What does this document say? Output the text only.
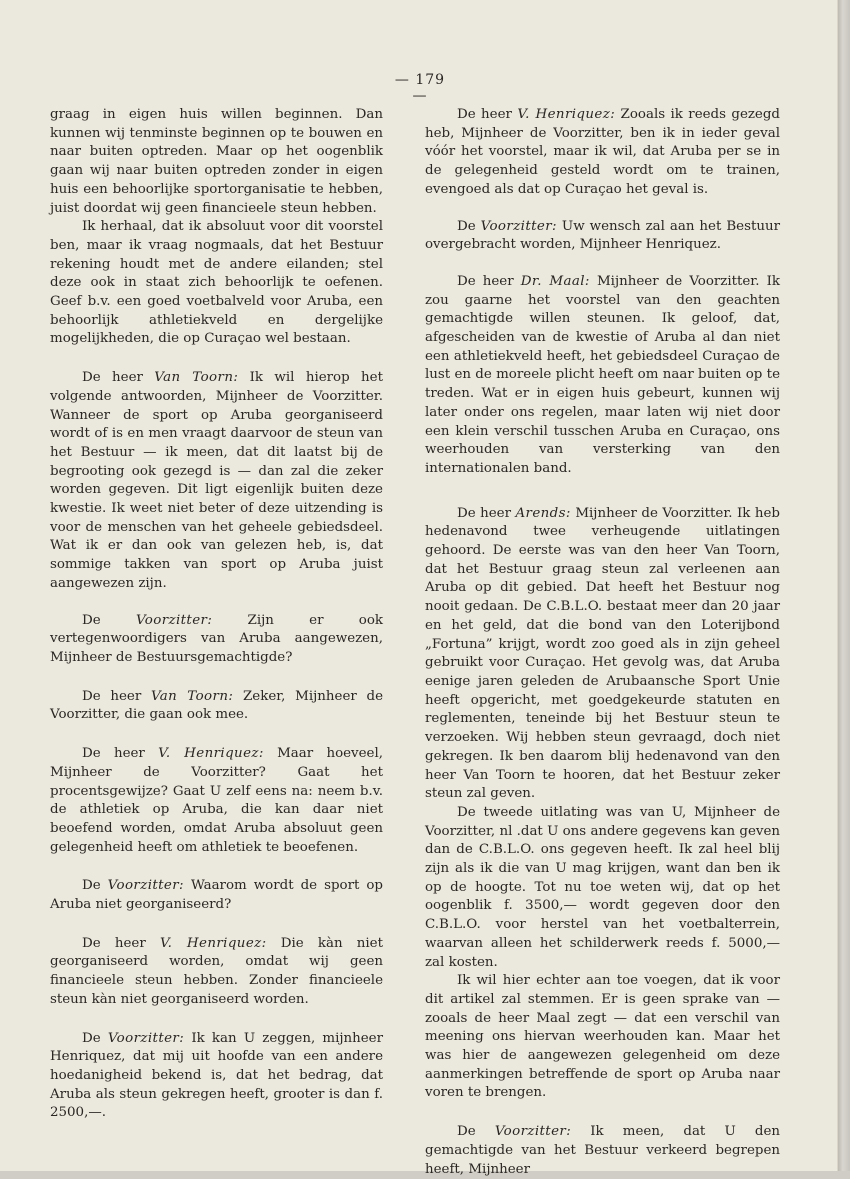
— 179 —

graag in eigen huis willen beginnen. Dan kunnen wij tenminste beginnen op te bouwen en naar buiten optreden. Maar op het oogenblik gaan wij naar buiten optreden zonder in eigen huis een behoorlijke sportorganisatie te hebben, juist doordat wij geen financieele steun hebben.

Ik herhaal, dat ik absoluut voor dit voorstel ben, maar ik vraag nogmaals, dat het Bestuur rekening houdt met de andere eilanden; stel deze ook in staat zich behoorlijk te oefenen. Geef b.v. een goed voetbalveld voor Aruba, een behoorlijk athletiekveld en dergelijke mogelijkheden, die op Curaçao wel bestaan.

De heer Van Toorn: Ik wil hierop het volgende antwoorden, Mijnheer de Voorzitter. Wanneer de sport op Aruba georganiseerd wordt of is en men vraagt daarvoor de steun van het Bestuur — ik meen, dat dit laatst bij de begrooting ook gezegd is — dan zal die zeker worden gegeven. Dit ligt eigenlijk buiten deze kwestie. Ik weet niet beter of deze uitzending is voor de menschen van het geheele gebiedsdeel. Wat ik er dan ook van gelezen heb, is, dat sommige takken van sport op Aruba juist aangewezen zijn.

De Voorzitter:	Zijn er ook vertegenwoordigers van Aruba aangewezen, Mijnheer de Bestuursgemachtigde?

De heer Van Toorn: Zeker, Mijnheer de Voorzitter, die gaan ook mee.

De heer V. Henriquez: Maar hoeveel, Mijnheer de Voorzitter? Gaat het procentsgewijze? Gaat U zelf eens na: neem b.v. de athletiek op Aruba, die kan daar niet beoefend worden, omdat Aruba absoluut geen gelegenheid heeft om athletiek te beoefenen.

De Voorzitter: Waarom wordt de sport op Aruba niet georganiseerd?

De heer V. Henriquez: Die kàn niet georganiseerd worden, omdat wij geen financieele steun hebben. Zonder financieele steun kàn niet georganiseerd worden.

De Voorzitter: Ik kan U zeggen, mijnheer Henriquez, dat mij uit hoofde van een andere hoedanigheid bekend is, dat het bedrag, dat Aruba als steun gekregen heeft, grooter is dan f. 2500,—.

De heer V. Henriquez: Zooals ik reeds gezegd heb, Mijnheer de Voorzitter, ben ik in ieder geval vóór het voorstel, maar ik wil, dat Aruba per se in de gelegenheid gesteld wordt om te trainen, evengoed als dat op Curaçao het geval is.

De Voorzitter: Uw wensch zal aan het Bestuur overgebracht worden, Mijnheer Henriquez.

De heer Dr. Maal: Mijnheer de Voorzitter. Ik zou gaarne het voorstel van den geachten gemachtigde willen steunen. Ik geloof, dat, afgescheiden van de kwestie of Aruba al dan niet een athletiekveld heeft, het gebiedsdeel Curaçao de lust en de moreele plicht heeft om naar buiten op te treden. Wat er in eigen huis gebeurt, kunnen wij later onder ons regelen, maar laten wij niet door een klein verschil tusschen Aruba en Curaçao, ons weerhouden van versterking van den internationalen band.

De heer Arends: Mijnheer de Voorzitter. Ik heb hedenavond twee verheugende uitlatingen gehoord. De eerste was van den heer Van Toorn, dat het Bestuur graag steun zal verleenen aan Aruba op dit gebied. Dat heeft het Bestuur nog nooit gedaan. De C.B.L.O. bestaat meer dan 20 jaar en het geld, dat die bond van den Loterijbond „Fortuna” krijgt, wordt zoo goed als in zijn geheel gebruikt voor Curaçao. Het gevolg was, dat Aruba eenige jaren geleden de Arubaansche Sport Unie heeft opgericht, met goedgekeurde statuten en reglementen, teneinde bij het Bestuur steun te verzoeken. Wij hebben steun gevraagd, doch niet gekregen. Ik ben daarom blij hedenavond van den heer Van Toorn te hooren, dat het Bestuur zeker steun zal geven.

De tweede uitlating was van U, Mijnheer de Voorzitter, nl .dat U ons andere gegevens kan geven dan de C.B.L.O. ons gegeven heeft. Ik zal heel blij zijn als ik die van U mag krijgen, want dan ben ik op de hoogte. Tot nu toe weten wij, dat op het oogenblik f. 3500,— wordt gegeven door den C.B.L.O. voor herstel van het voetbalterrein, waarvan alleen het schilderwerk reeds f. 5000,— zal kosten.

Ik wil hier echter aan toe voegen, dat ik voor dit artikel zal stemmen. Er is geen sprake van — zooals de heer Maal zegt — dat een verschil van meening ons hiervan weerhouden kan. Maar het was hier de aangewezen gelegenheid om deze aanmerkingen betreffende de sport op Aruba naar voren te brengen.

De Voorzitter: Ik meen, dat U den gemachtigde van het Bestuur verkeerd begrepen heeft, Mijnheer
